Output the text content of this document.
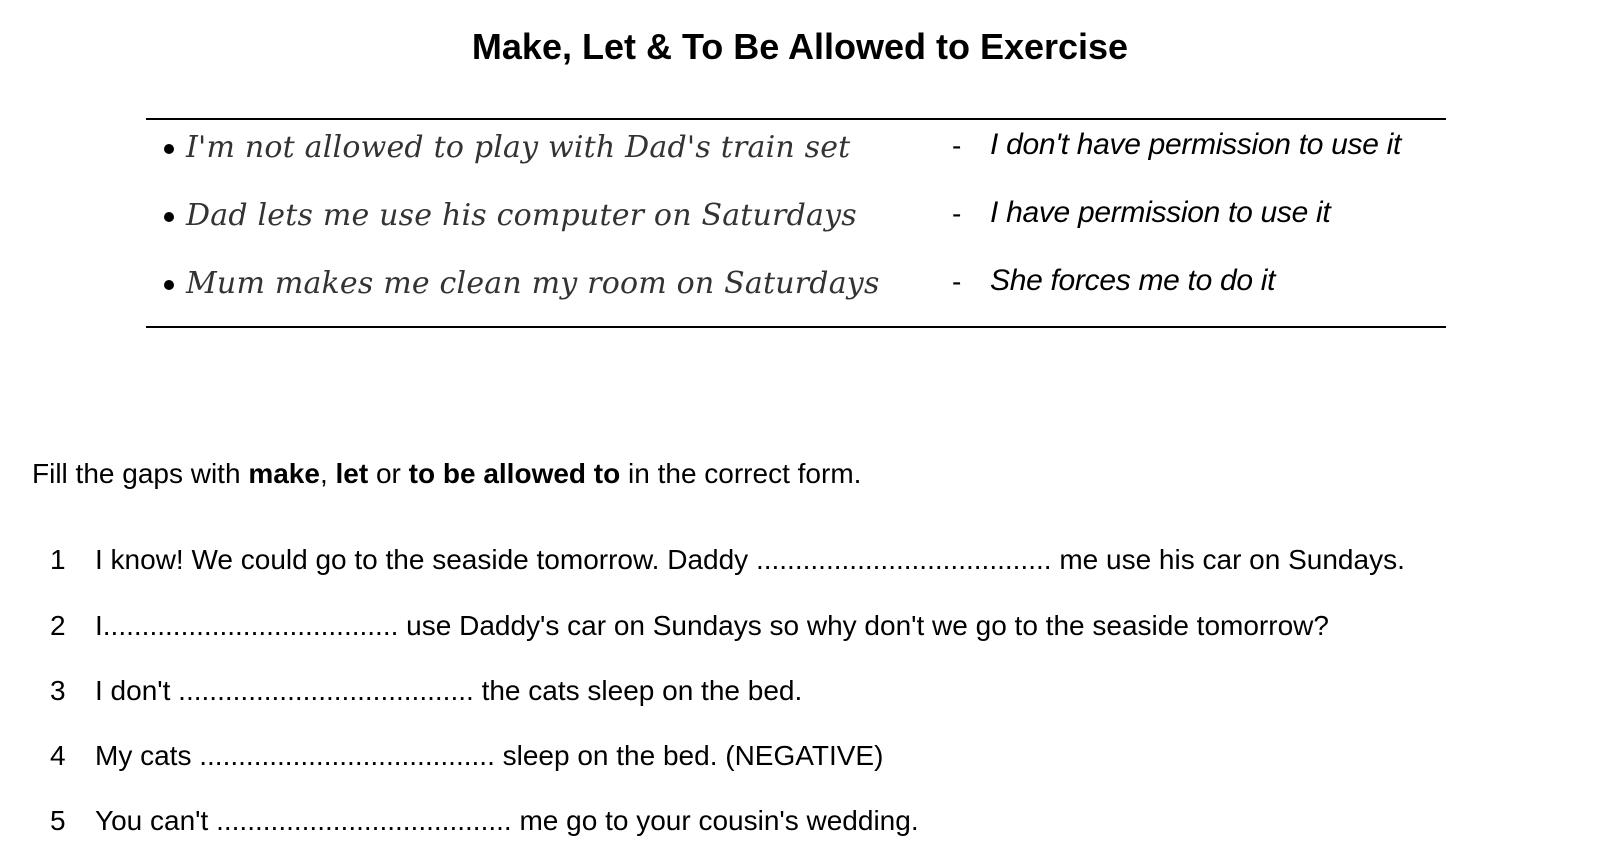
Make, Let & To Be Allowed to Exercise
I'm not allowed to play with Dad's train set	- I don't have permission to use it
Dad lets me use his computer on Saturdays	- I have permission to use it
Mum makes me clean my room on Saturdays	- She forces me to do it
Fill the gaps with make, let or to be allowed to in the correct form.
1	I know! We could go to the seaside tomorrow. Daddy ...................................... me use his car on Sundays.
2	I...................................... use Daddy's car on Sundays so why don't we go to the seaside tomorrow?
3	I don't ...................................... the cats sleep on the bed.
4	My cats ...................................... sleep on the bed. (NEGATIVE)
5	You can't ...................................... me go to your cousin's wedding.
